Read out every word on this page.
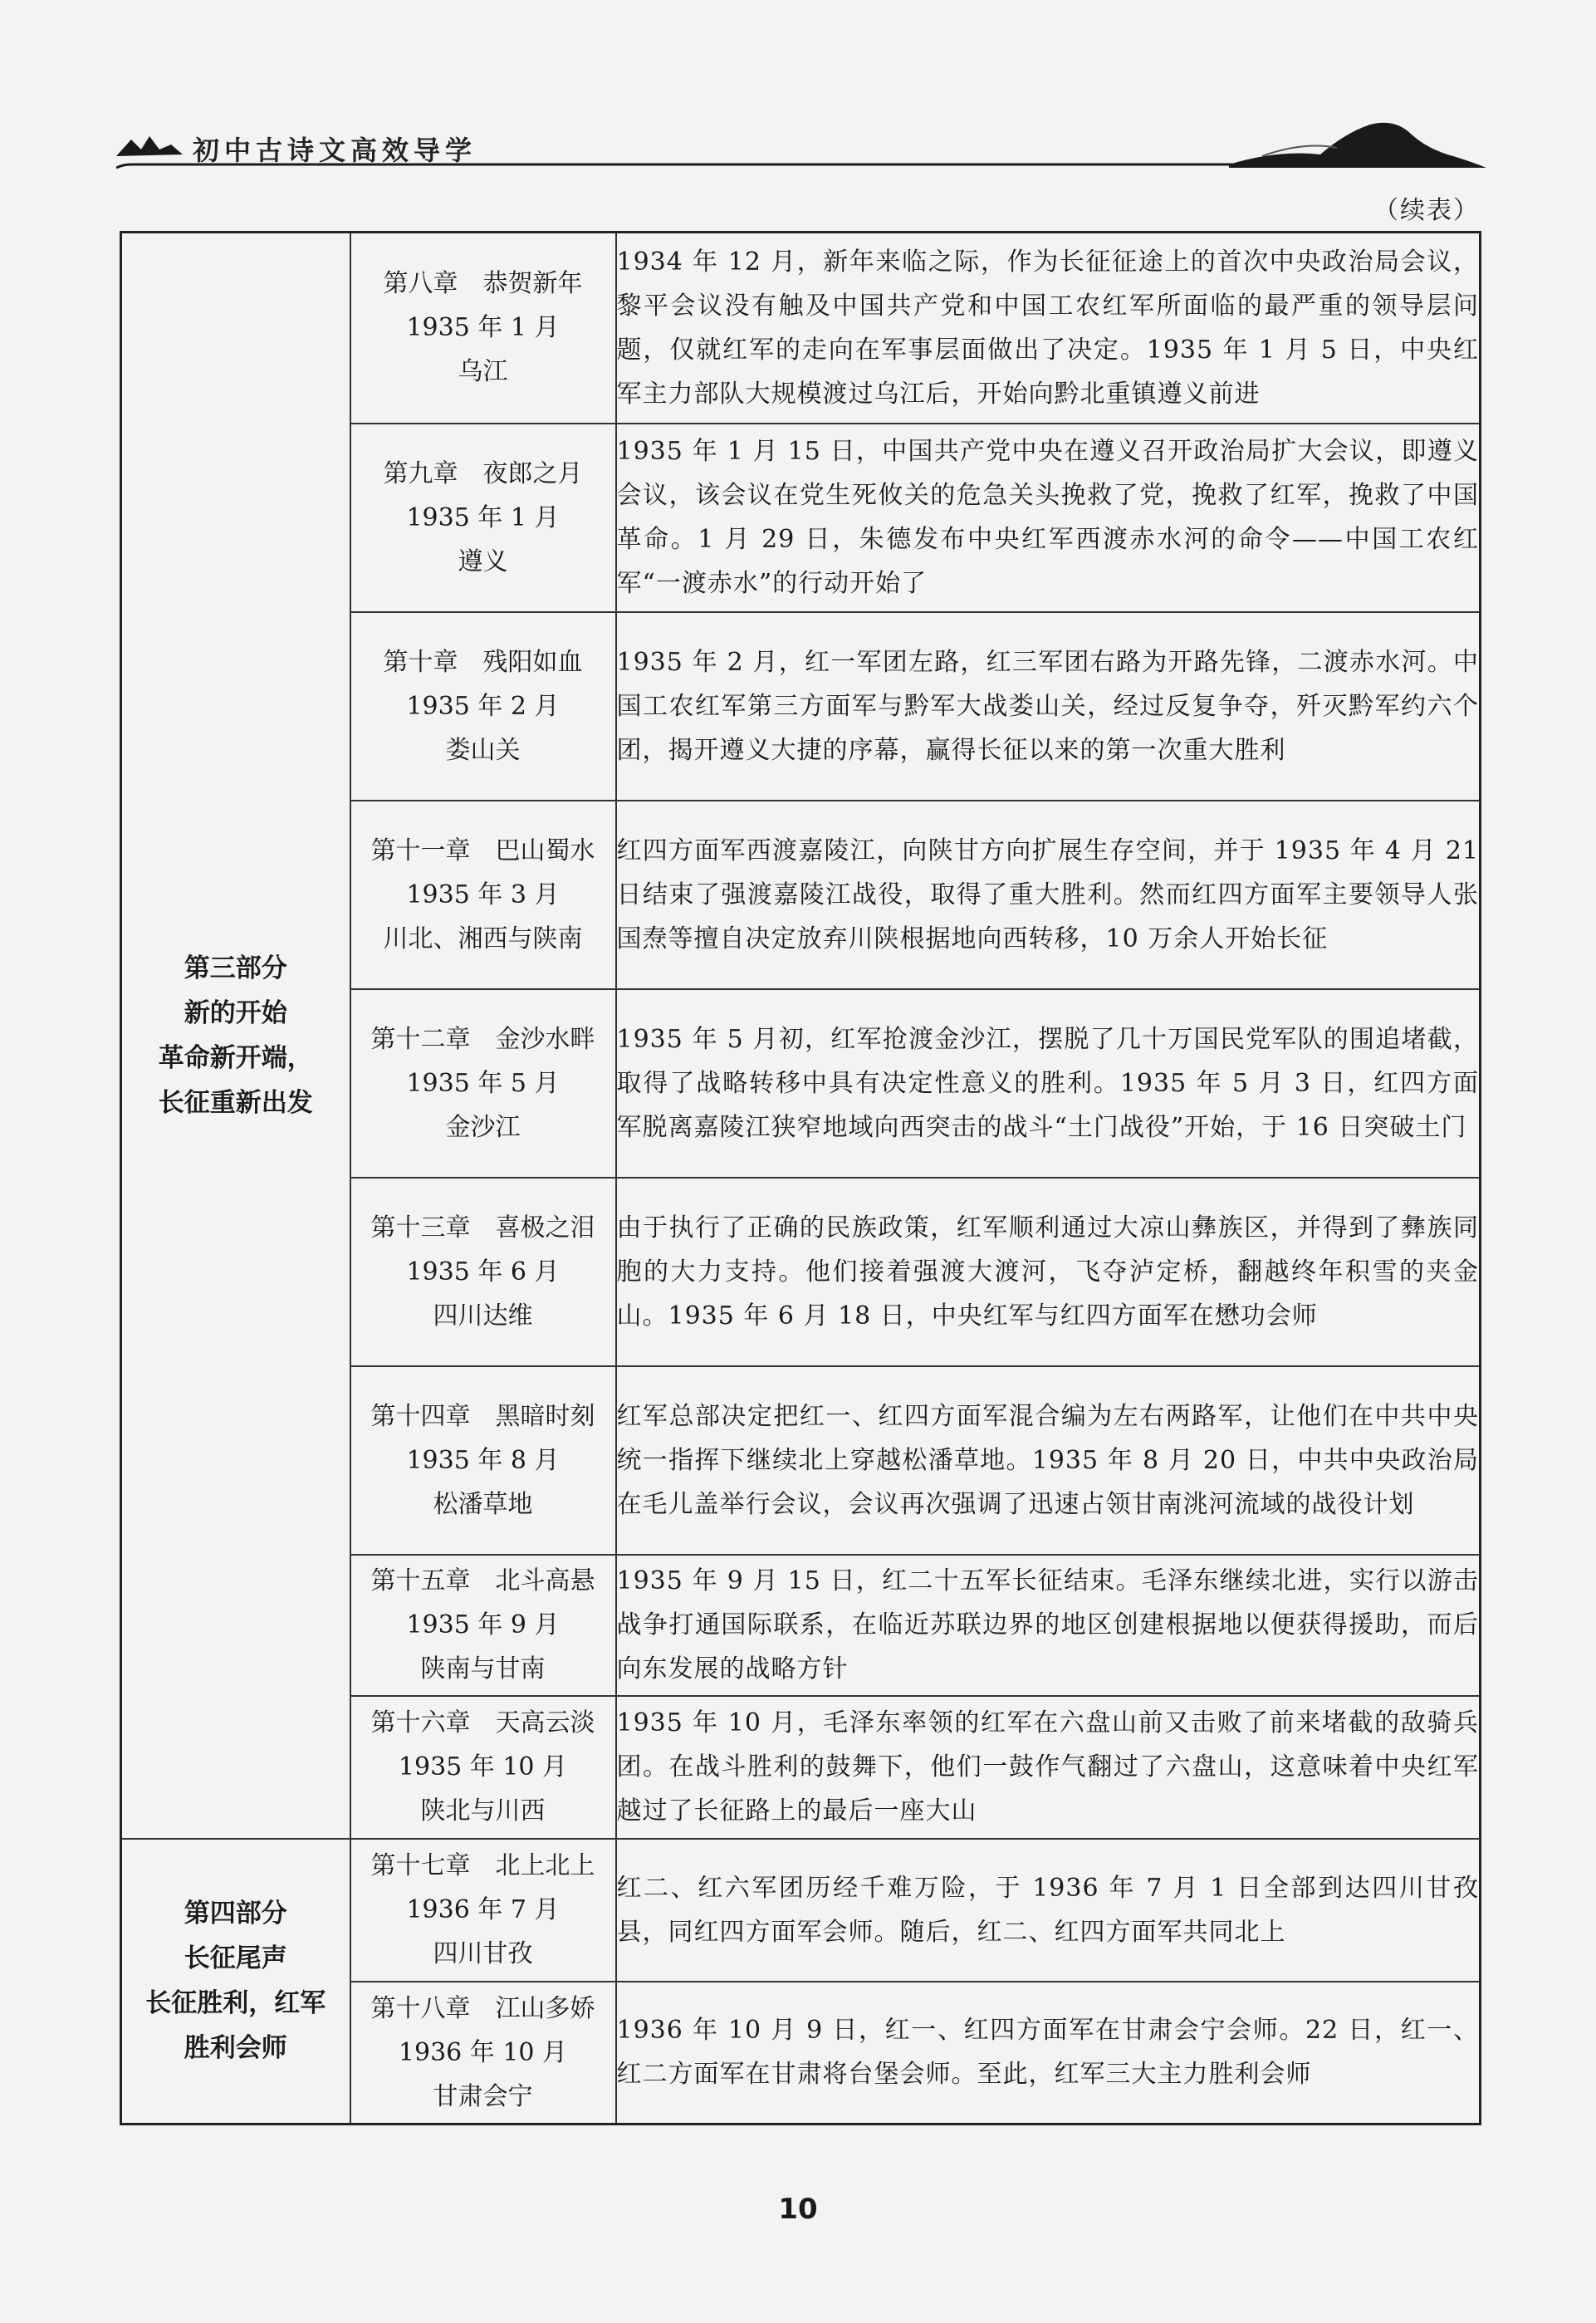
初中古诗文高效导学
（续表）
第三部分
新的开始
革命新开端，
长征重新出发	第八章　恭贺新年
1935 年 1 月
乌江	1934 年 12 月，新年来临之际，作为长征征途上的首次中央政治局会议，黎平会议没有触及中国共产党和中国工农红军所面临的最严重的领导层问题，仅就红军的走向在军事层面做出了决定。1935 年 1 月 5 日，中央红军主力部队大规模渡过乌江后，开始向黔北重镇遵义前进

	第九章　夜郎之月
1935 年 1 月
遵义	1935 年 1 月 15 日，中国共产党中央在遵义召开政治局扩大会议，即遵义会议，该会议在党生死攸关的危急关头挽救了党，挽救了红军，挽救了中国革命。1 月 29 日，朱德发布中央红军西渡赤水河的命令——中国工农红军“一渡赤水”的行动开始了

	第十章　残阳如血
1935 年 2 月
娄山关	1935 年 2 月，红一军团左路，红三军团右路为开路先锋，二渡赤水河。中国工农红军第三方面军与黔军大战娄山关，经过反复争夺，歼灭黔军约六个团，揭开遵义大捷的序幕，赢得长征以来的第一次重大胜利

	第十一章　巴山蜀水
1935 年 3 月
川北、湘西与陕南	红四方面军西渡嘉陵江，向陕甘方向扩展生存空间，并于 1935 年 4 月 21 日结束了强渡嘉陵江战役，取得了重大胜利。然而红四方面军主要领导人张国焘等擅自决定放弃川陕根据地向西转移，10 万余人开始长征

	第十二章　金沙水畔
1935 年 5 月
金沙江	1935 年 5 月初，红军抢渡金沙江，摆脱了几十万国民党军队的围追堵截，取得了战略转移中具有决定性意义的胜利。1935 年 5 月 3 日，红四方面军脱离嘉陵江狭窄地域向西突击的战斗“土门战役”开始，于 16 日突破土门

	第十三章　喜极之泪
1935 年 6 月
四川达维	由于执行了正确的民族政策，红军顺利通过大凉山彝族区，并得到了彝族同胞的大力支持。他们接着强渡大渡河，飞夺泸定桥，翻越终年积雪的夹金山。1935 年 6 月 18 日，中央红军与红四方面军在懋功会师

	第十四章　黑暗时刻
1935 年 8 月
松潘草地	红军总部决定把红一、红四方面军混合编为左右两路军，让他们在中共中央统一指挥下继续北上穿越松潘草地。1935 年 8 月 20 日，中共中央政治局在毛儿盖举行会议，会议再次强调了迅速占领甘南洮河流域的战役计划

	第十五章　北斗高悬
1935 年 9 月
陕南与甘南	1935 年 9 月 15 日，红二十五军长征结束。毛泽东继续北进，实行以游击战争打通国际联系，在临近苏联边界的地区创建根据地以便获得援助，而后向东发展的战略方针

	第十六章　天高云淡
1935 年 10 月
陕北与川西	1935 年 10 月，毛泽东率领的红军在六盘山前又击败了前来堵截的敌骑兵团。在战斗胜利的鼓舞下，他们一鼓作气翻过了六盘山，这意味着中央红军越过了长征路上的最后一座大山

第四部分
长征尾声
长征胜利，红军
胜利会师	第十七章　北上北上
1936 年 7 月
四川甘孜	红二、红六军团历经千难万险，于 1936 年 7 月 1 日全部到达四川甘孜县，同红四方面军会师。随后，红二、红四方面军共同北上

	第十八章　江山多娇
1936 年 10 月
甘肃会宁	1936 年 10 月 9 日，红一、红四方面军在甘肃会宁会师。22 日，红一、红二方面军在甘肃将台堡会师。至此，红军三大主力胜利会师
10
